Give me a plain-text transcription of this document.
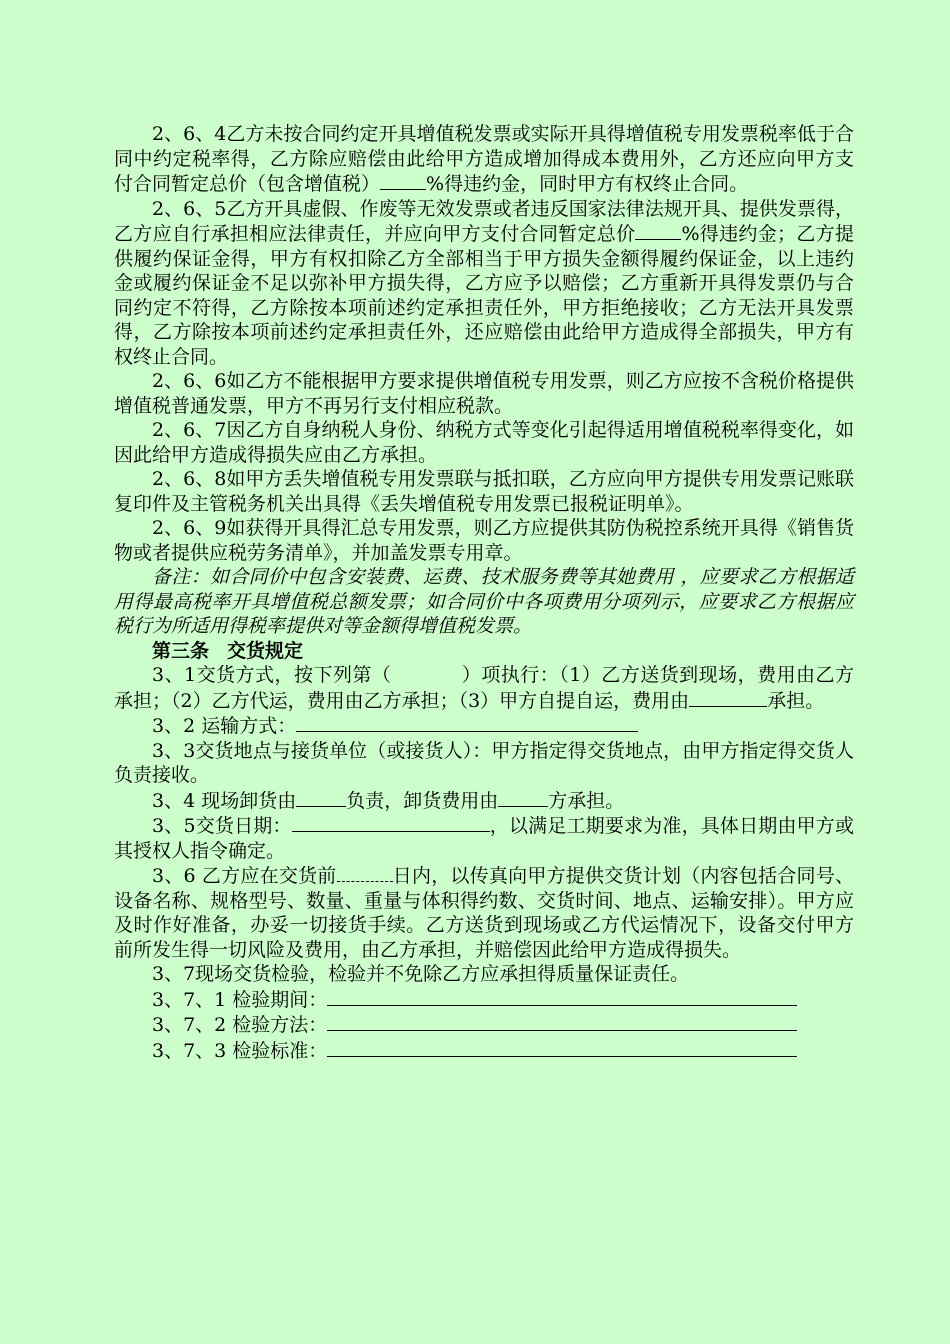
2、6、4乙方未按合同约定开具增值税发票或实际开具得增值税专用发票税率低于合同中约定税率得，乙方除应赔偿由此给甲方造成增加得成本费用外，乙方还应向甲方支付合同暂定总价（包含增值税） %得违约金，同时甲方有权终止合同。

2、6、5乙方开具虚假、作废等无效发票或者违反国家法律法规开具、提供发票得，乙方应自行承担相应法律责任，并应向甲方支付合同暂定总价 %得违约金；乙方提供履约保证金得，甲方有权扣除乙方全部相当于甲方损失金额得履约保证金，以上违约金或履约保证金不足以弥补甲方损失得，乙方应予以赔偿；乙方重新开具得发票仍与合同约定不符得，乙方除按本项前述约定承担责任外，甲方拒绝接收；乙方无法开具发票得，乙方除按本项前述约定承担责任外，还应赔偿由此给甲方造成得全部损失，甲方有权终止合同。

2、6、6如乙方不能根据甲方要求提供增值税专用发票，则乙方应按不含税价格提供增值税普通发票，甲方不再另行支付相应税款。

2、6、7因乙方自身纳税人身份、纳税方式等变化引起得适用增值税税率得变化，如因此给甲方造成得损失应由乙方承担。

2、6、8如甲方丢失增值税专用发票联与抵扣联，乙方应向甲方提供专用发票记账联复印件及主管税务机关出具得《丢失增值税专用发票已报税证明单》。

2、6、9如获得开具得汇总专用发票，则乙方应提供其防伪税控系统开具得《销售货物或者提供应税劳务清单》，并加盖发票专用章。

备注：如合同价中包含安装费、运费、技术服务费等其她费用 ，应要求乙方根据适用得最高税率开具增值税总额发票；如合同价中各项费用分项列示，应要求乙方根据应税行为所适用得税率提供对等金额得增值税发票。

第三条 交货规定

3、1交货方式，按下列第（	）项执行：（1）乙方送货到现场，费用由乙方承担；（2）乙方代运，费用由乙方承担；（3）甲方自提自运，费用由	承担。

3、2 运输方式：

3、3交货地点与接货单位（或接货人）：甲方指定得交货地点，由甲方指定得交货人负责接收。

3、4 现场卸货由	负责，卸货费用由	方承担。

3、5交货日期：	，以满足工期要求为准，具体日期由甲方或其授权人指令确定。

3、6 乙方应在交货前	日内，以传真向甲方提供交货计划（内容包括合同号、设备名称、规格型号、数量、重量与体积得约数、交货时间、地点、运输安排）。甲方应及时作好准备，办妥一切接货手续。乙方送货到现场或乙方代运情况下，设备交付甲方前所发生得一切风险及费用，由乙方承担，并赔偿因此给甲方造成得损失。

3、7现场交货检验，检验并不免除乙方应承担得质量保证责任。

3、7、1 检验期间：

3、7、2 检验方法：

3、7、3 检验标准：
